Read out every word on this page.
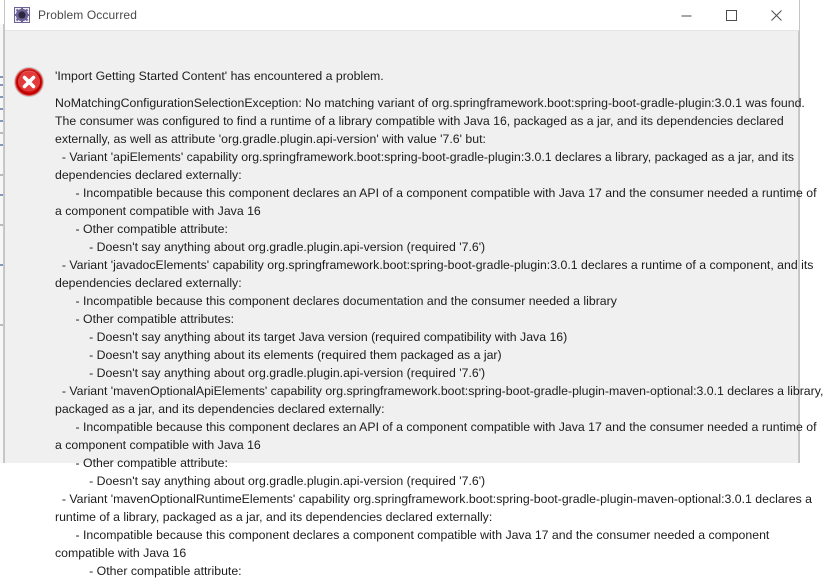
Problem Occurred
'Import Getting Started Content' has encountered a problem.
NoMatchingConfigurationSelectionException: No matching variant of org.springframework.boot:spring-boot-gradle-plugin:3.0.1 was found.
The consumer was configured to find a runtime of a library compatible with Java 16, packaged as a jar, and its dependencies declared
externally, as well as attribute 'org.gradle.plugin.api-version' with value '7.6' but:
- Variant 'apiElements' capability org.springframework.boot:spring-boot-gradle-plugin:3.0.1 declares a library, packaged as a jar, and its
dependencies declared externally:
- Incompatible because this component declares an API of a component compatible with Java 17 and the consumer needed a runtime of
a component compatible with Java 16
- Other compatible attribute:
- Doesn't say anything about org.gradle.plugin.api-version (required '7.6')
- Variant 'javadocElements' capability org.springframework.boot:spring-boot-gradle-plugin:3.0.1 declares a runtime of a component, and its
dependencies declared externally:
- Incompatible because this component declares documentation and the consumer needed a library
- Other compatible attributes:
- Doesn't say anything about its target Java version (required compatibility with Java 16)
- Doesn't say anything about its elements (required them packaged as a jar)
- Doesn't say anything about org.gradle.plugin.api-version (required '7.6')
- Variant 'mavenOptionalApiElements' capability org.springframework.boot:spring-boot-gradle-plugin-maven-optional:3.0.1 declares a library,
packaged as a jar, and its dependencies declared externally:
- Incompatible because this component declares an API of a component compatible with Java 17 and the consumer needed a runtime of
a component compatible with Java 16
- Other compatible attribute:
- Doesn't say anything about org.gradle.plugin.api-version (required '7.6')
- Variant 'mavenOptionalRuntimeElements' capability org.springframework.boot:spring-boot-gradle-plugin-maven-optional:3.0.1 declares a
runtime of a library, packaged as a jar, and its dependencies declared externally:
- Incompatible because this component declares a component compatible with Java 17 and the consumer needed a component
compatible with Java 16
- Other compatible attribute:
